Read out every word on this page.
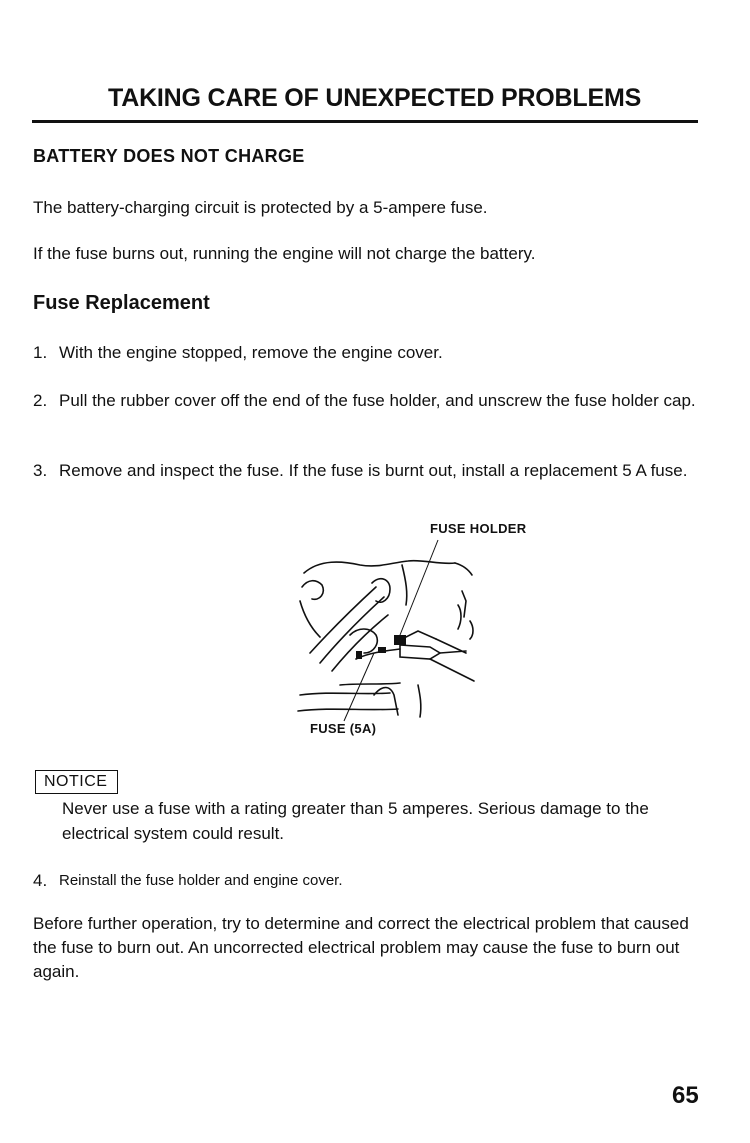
TAKING CARE OF UNEXPECTED PROBLEMS
BATTERY DOES NOT CHARGE
The battery-charging circuit is protected by a 5-ampere fuse.
If the fuse burns out, running the engine will not charge the battery.
Fuse Replacement
1. With the engine stopped, remove the engine cover.
2. Pull the rubber cover off the end of the fuse holder, and unscrew the fuse holder cap.
3. Remove and inspect the fuse. If the fuse is burnt out, install a replacement 5 A fuse.
FUSE HOLDER
FUSE (5A)
NOTICE
Never use a fuse with a rating greater than 5 amperes. Serious damage to the electrical system could result.
4. Reinstall the fuse holder and engine cover.
Before further operation, try to determine and correct the electrical problem that caused the fuse to burn out. An uncorrected electrical problem may cause the fuse to burn out again.
65
